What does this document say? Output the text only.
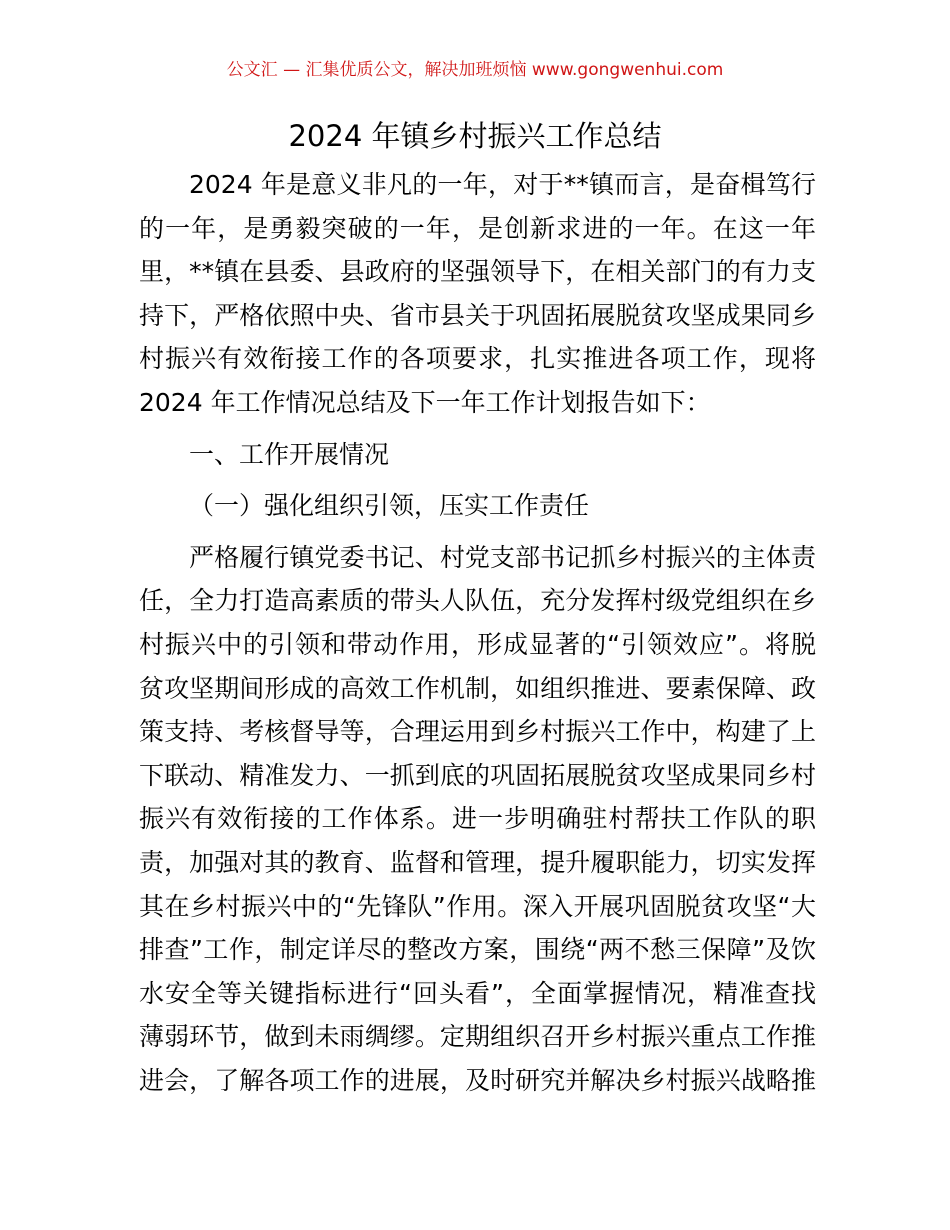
公文汇 — 汇集优质公文，解决加班烦恼 www.gongwenhui.com
2024 年镇乡村振兴工作总结
2024 年是意义非凡的一年，对于**镇而言，是奋楫笃行
的一年，是勇毅突破的一年，是创新求进的一年。在这一年
里，**镇在县委、县政府的坚强领导下，在相关部门的有力支
持下，严格依照中央、省市县关于巩固拓展脱贫攻坚成果同乡
村振兴有效衔接工作的各项要求，扎实推进各项工作，现将
2024 年工作情况总结及下一年工作计划报告如下：
一、工作开展情况
（一）强化组织引领，压实工作责任
严格履行镇党委书记、村党支部书记抓乡村振兴的主体责
任，全力打造高素质的带头人队伍，充分发挥村级党组织在乡
村振兴中的引领和带动作用，形成显著的“引领效应”。将脱
贫攻坚期间形成的高效工作机制，如组织推进、要素保障、政
策支持、考核督导等，合理运用到乡村振兴工作中，构建了上
下联动、精准发力、一抓到底的巩固拓展脱贫攻坚成果同乡村
振兴有效衔接的工作体系。进一步明确驻村帮扶工作队的职
责，加强对其的教育、监督和管理，提升履职能力，切实发挥
其在乡村振兴中的“先锋队”作用。深入开展巩固脱贫攻坚“大
排查”工作，制定详尽的整改方案，围绕“两不愁三保障”及饮
水安全等关键指标进行“回头看”，全面掌握情况，精准查找
薄弱环节，做到未雨绸缪。定期组织召开乡村振兴重点工作推
进会，了解各项工作的进展，及时研究并解决乡村振兴战略推
